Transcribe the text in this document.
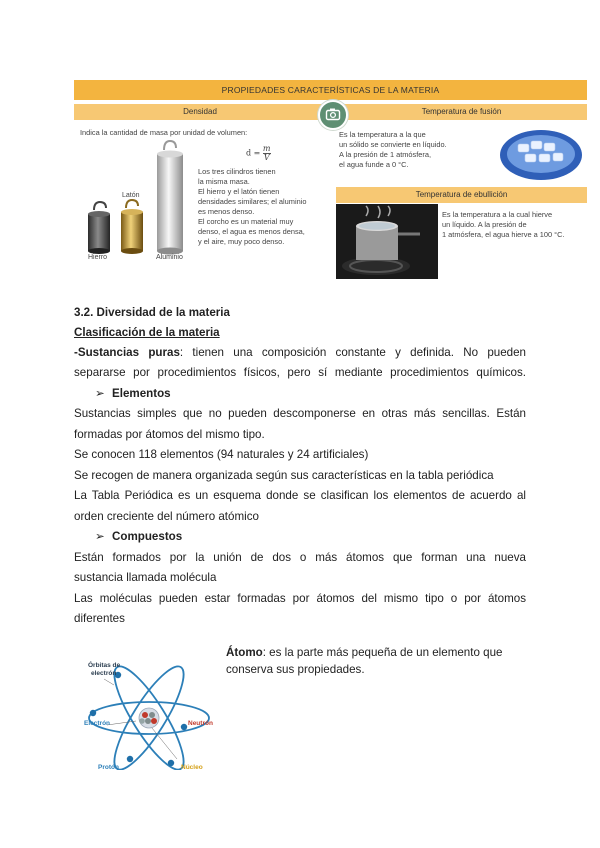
PROPIEDADES CARACTERÍSTICAS DE LA MATERIA
Densidad	Temperatura de fusión
Indica la cantidad de masa por unidad de volumen:
$d = \frac{m}{V}$
Latón
Hierro	Aluminio
Los tres cilindros tienen
la misma masa.
El hierro y el latón tienen
densidades similares; el aluminio
es menos denso.
El corcho es un material muy
denso, el agua es menos densa,
y el aire, muy poco denso.
Es la temperatura a la que
un sólido se convierte en líquido.
A la presión de 1 atmósfera,
el agua funde a 0 °C.
Temperatura de ebullición
Es la temperatura a la cual hierve
un líquido. A la presión de
1 atmósfera, el agua hierve a 100 °C.
3.2. Diversidad de la materia
Clasificación de la materia
-Sustancias puras: tienen una composición constante y definida. No pueden
separarse por procedimientos físicos, pero sí mediante procedimientos químicos.
➢ Elementos
Sustancias simples que no pueden descomponerse en otras más sencillas. Están
formadas por átomos del mismo tipo.
Se conocen 118 elementos (94 naturales y 24 artificiales)
Se recogen de manera organizada según sus características en la tabla periódica
La Tabla Periódica es un esquema donde se clasifican los elementos de acuerdo al
orden creciente del número atómico
➢ Compuestos
Están formados por la unión de dos o más átomos que forman una nueva
sustancia llamada molécula
Las moléculas pueden estar formadas por átomos del mismo tipo o por átomos
diferentes
Órbitas de
electrón
Electrón	Neutrón
Protón	Núcleo
Átomo: es la parte más pequeña de un elemento que conserva sus propiedades.
